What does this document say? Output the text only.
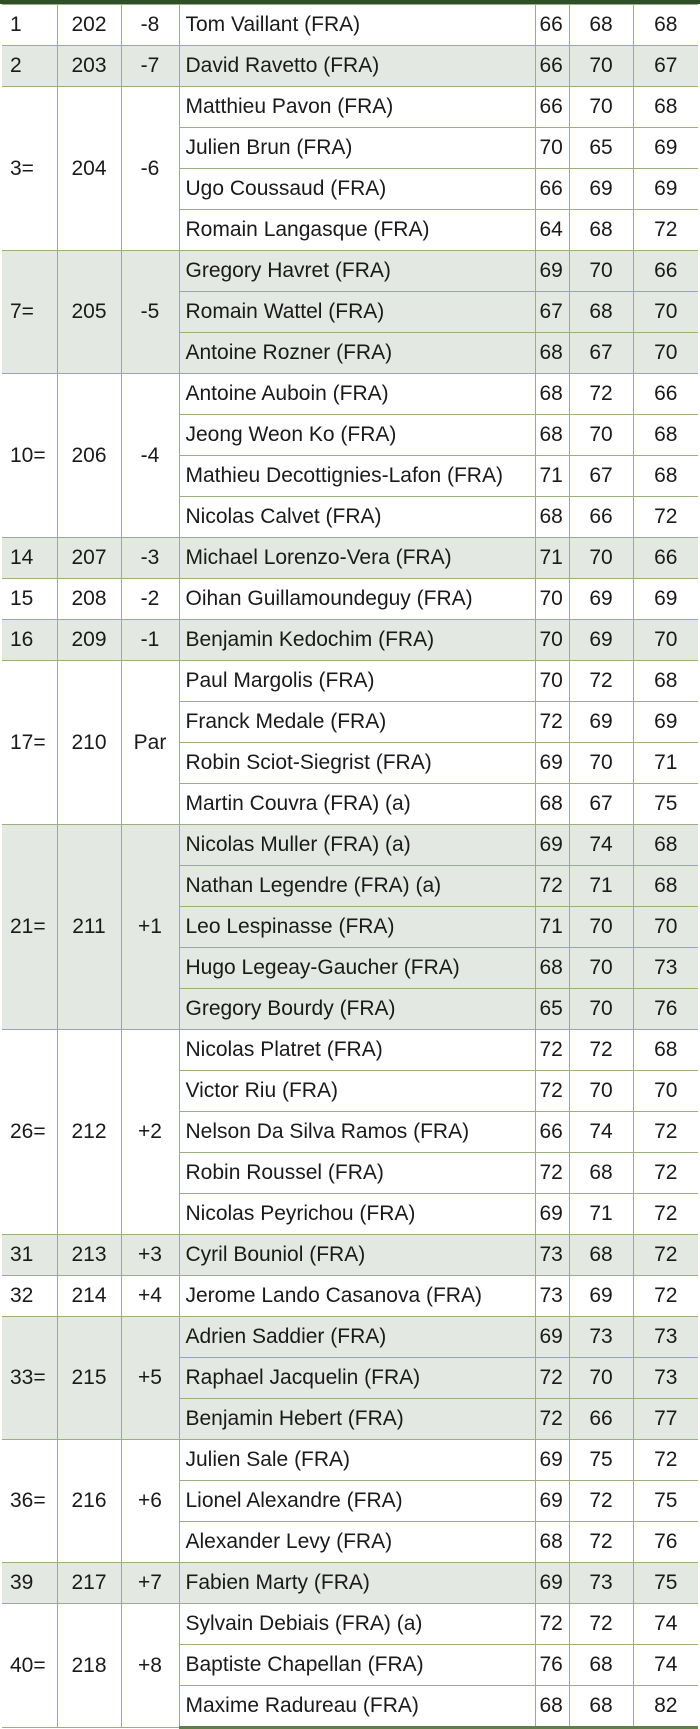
1	202	-8	Tom Vaillant (FRA)	66	68	68
2	203	-7	David Ravetto (FRA)	66	70	67
3=	204	-6	Matthieu Pavon (FRA)	66	70	68
			Julien Brun (FRA)	70	65	69
			Ugo Coussaud (FRA)	66	69	69
			Romain Langasque (FRA)	64	68	72
7=	205	-5	Gregory Havret (FRA)	69	70	66
			Romain Wattel (FRA)	67	68	70
			Antoine Rozner (FRA)	68	67	70
10=	206	-4	Antoine Auboin (FRA)	68	72	66
			Jeong Weon Ko (FRA)	68	70	68
			Mathieu Decottignies-Lafon (FRA)	71	67	68
			Nicolas Calvet (FRA)	68	66	72
14	207	-3	Michael Lorenzo-Vera (FRA)	71	70	66
15	208	-2	Oihan Guillamoundeguy (FRA)	70	69	69
16	209	-1	Benjamin Kedochim (FRA)	70	69	70
17=	210	Par	Paul Margolis (FRA)	70	72	68
			Franck Medale (FRA)	72	69	69
			Robin Sciot-Siegrist (FRA)	69	70	71
			Martin Couvra (FRA) (a)	68	67	75
21=	211	+1	Nicolas Muller (FRA) (a)	69	74	68
			Nathan Legendre (FRA) (a)	72	71	68
			Leo Lespinasse (FRA)	71	70	70
			Hugo Legeay-Gaucher (FRA)	68	70	73
			Gregory Bourdy (FRA)	65	70	76
26=	212	+2	Nicolas Platret (FRA)	72	72	68
			Victor Riu (FRA)	72	70	70
			Nelson Da Silva Ramos (FRA)	66	74	72
			Robin Roussel (FRA)	72	68	72
			Nicolas Peyrichou (FRA)	69	71	72
31	213	+3	Cyril Bouniol (FRA)	73	68	72
32	214	+4	Jerome Lando Casanova (FRA)	73	69	72
33=	215	+5	Adrien Saddier (FRA)	69	73	73
			Raphael Jacquelin (FRA)	72	70	73
			Benjamin Hebert (FRA)	72	66	77
36=	216	+6	Julien Sale (FRA)	69	75	72
			Lionel Alexandre (FRA)	69	72	75
			Alexander Levy (FRA)	68	72	76
39	217	+7	Fabien Marty (FRA)	69	73	75
40=	218	+8	Sylvain Debiais (FRA) (a)	72	72	74
			Baptiste Chapellan (FRA)	76	68	74
			Maxime Radureau (FRA)	68	68	82
